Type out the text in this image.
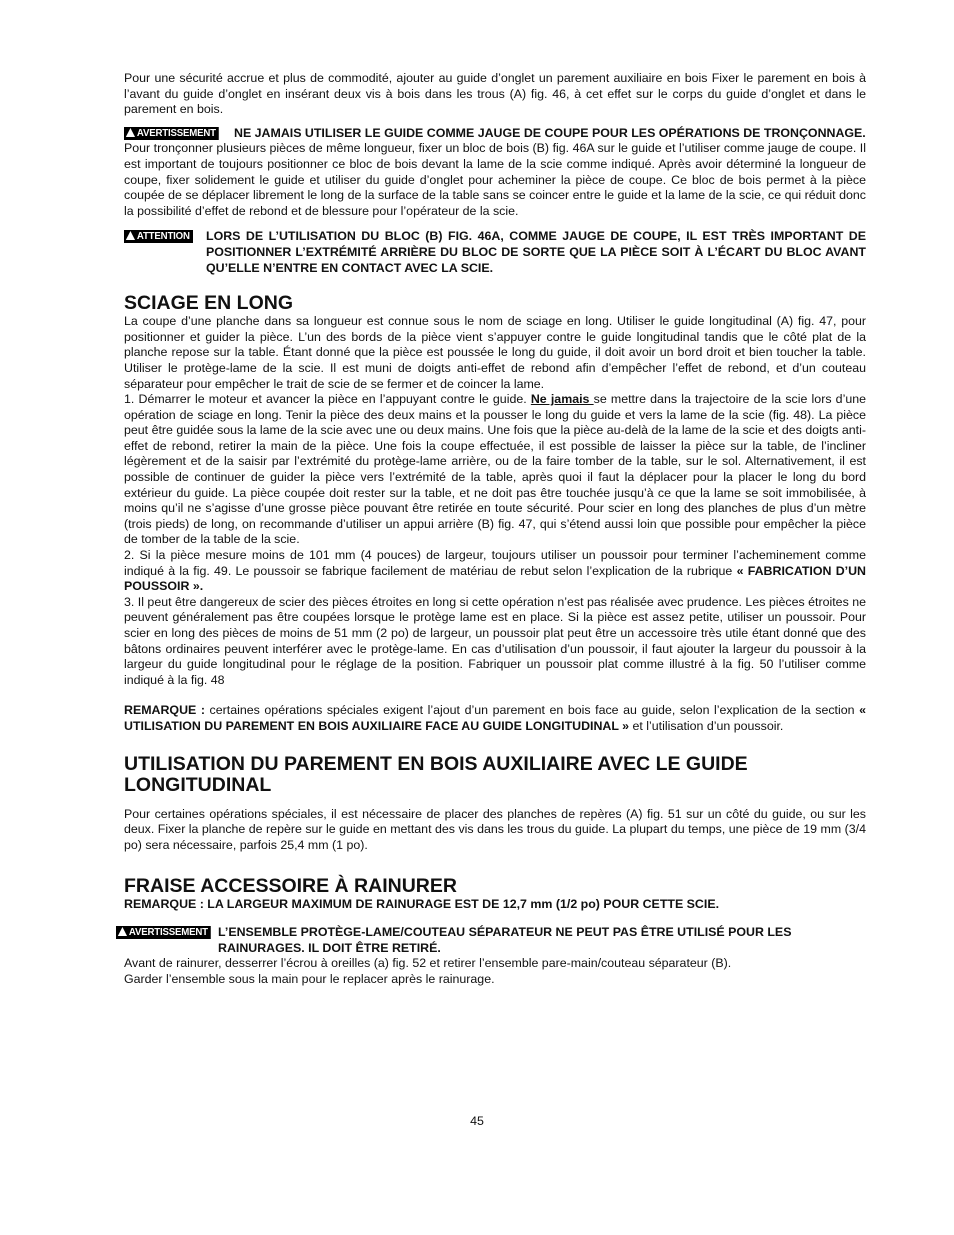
Pour une sécurité accrue et plus de commodité, ajouter au guide d’onglet un parement auxiliaire en bois Fixer le parement en bois à l’avant du guide d’onglet en insérant deux vis à bois dans les trous (A) fig. 46, à cet effet sur le corps du guide d’onglet et dans le parement en bois.

AVERTISSEMENT NE JAMAIS UTILISER LE GUIDE COMME JAUGE DE COUPE POUR LES OPÉRATIONS DE TRONÇONNAGE.

Pour tronçonner plusieurs pièces de même longueur, fixer un bloc de bois (B) fig. 46A sur le guide et l’utiliser comme jauge de coupe. Il est important de toujours positionner ce bloc de bois devant la lame de la scie comme indiqué. Après avoir déterminé la longueur de coupe, fixer solidement le guide et utiliser du guide d’onglet pour acheminer la pièce de coupe. Ce bloc de bois permet à la pièce coupée de se déplacer librement le long de la surface de la table sans se coincer entre le guide et la lame de la scie, ce qui réduit donc la possibilité d’effet de rebond et de blessure pour l’opérateur de la scie.

ATTENTION LORS DE L’UTILISATION DU BLOC (B) FIG. 46A, COMME JAUGE DE COUPE, IL EST TRÈS IMPORTANT DE POSITIONNER L’EXTRÉMITÉ ARRIÈRE DU BLOC DE SORTE QUE LA PIÈCE SOIT À L’ÉCART DU BLOC AVANT QU’ELLE N’ENTRE EN CONTACT AVEC LA SCIE.
SCIAGE EN LONG

La coupe d’une planche dans sa longueur est connue sous le nom de sciage en long. Utiliser le guide longitudinal (A) fig. 47, pour positionner et guider la pièce. L’un des bords de la pièce vient s’appuyer contre le guide longitudinal tandis que le côté plat de la planche repose sur la table. Étant donné que la pièce est poussée le long du guide, il doit avoir un bord droit et bien toucher la table. Utiliser le protège-lame de la scie. Il est muni de doigts anti-effet de rebond afin d’empêcher l’effet de rebond, et d’un couteau séparateur pour empêcher le trait de scie de se fermer et de coincer la lame.

1. Démarrer le moteur et avancer la pièce en l’appuyant contre le guide. Ne jamais se mettre dans la trajectoire de la scie lors d’une opération de sciage en long. Tenir la pièce des deux mains et la pousser le long du guide et vers la lame de la scie (fig. 48). La pièce peut être guidée sous la lame de la scie avec une ou deux mains. Une fois que la pièce au-delà de la lame de la scie et des doigts anti-effet de rebond, retirer la main de la pièce. Une fois la coupe effectuée, il est possible de laisser la pièce sur la table, de l’incliner légèrement et de la saisir par l’extrémité du protège-lame arrière, ou de la faire tomber de la table, sur le sol. Alternativement, il est possible de continuer de guider la pièce vers l’extrémité de la table, après quoi il faut la déplacer pour la placer le long du bord extérieur du guide. La pièce coupée doit rester sur la table, et ne doit pas être touchée jusqu’à ce que la lame se soit immobilisée, à moins qu’il ne s’agisse d’une grosse pièce pouvant être retirée en toute sécurité. Pour scier en long des planches de plus d’un mètre (trois pieds) de long, on recommande d’utiliser un appui arrière (B) fig. 47, qui s’étend aussi loin que possible pour empêcher la pièce de tomber de la table de la scie.

2. Si la pièce mesure moins de 101 mm (4 pouces) de largeur, toujours utiliser un poussoir pour terminer l’acheminement comme indiqué à la fig. 49. Le poussoir se fabrique facilement de matériau de rebut selon l’explication de la rubrique « FABRICATION D’UN POUSSOIR ».

3. Il peut être dangereux de scier des pièces étroites en long si cette opération n’est pas réalisée avec prudence. Les pièces étroites ne peuvent généralement pas être coupées lorsque le protège lame est en place. Si la pièce est assez petite, utiliser un poussoir. Pour scier en long des pièces de moins de 51 mm (2 po) de largeur, un poussoir plat peut être un accessoire très utile étant donné que des bâtons ordinaires peuvent interférer avec le protège-lame. En cas d’utilisation d’un poussoir, il faut ajouter la largeur du poussoir à la largeur du guide longitudinal pour le réglage de la position. Fabriquer un poussoir plat comme illustré à la fig. 50 l’utiliser comme indiqué à la fig. 48

REMARQUE : certaines opérations spéciales exigent l’ajout d’un parement en bois face au guide, selon l’explication de la section « UTILISATION DU PAREMENT EN BOIS AUXILIAIRE FACE AU GUIDE LONGITUDINAL » et l’utilisation d’un poussoir.

UTILISATION DU PAREMENT EN BOIS AUXILIAIRE AVEC LE GUIDE LONGITUDINAL

Pour certaines opérations spéciales, il est nécessaire de placer des planches de repères (A) fig. 51 sur un côté du guide, ou sur les deux. Fixer la planche de repère sur le guide en mettant des vis dans les trous du guide. La plupart du temps, une pièce de 19 mm (3/4 po) sera nécessaire, parfois 25,4 mm (1 po).

FRAISE ACCESSOIRE À RAINURER

REMARQUE : LA LARGEUR MAXIMUM DE RAINURAGE EST DE 12,7 mm (1/2 po) POUR CETTE SCIE.

AVERTISSEMENT L’ENSEMBLE PROTÈGE-LAME/COUTEAU SÉPARATEUR NE PEUT PAS ÊTRE UTILISÉ POUR LES RAINURAGES. IL DOIT ÊTRE RETIRÉ.

Avant de rainurer, desserrer l’écrou à oreilles (a) fig. 52 et retirer l’ensemble pare-main/couteau séparateur (B).

Garder l’ensemble sous la main pour le replacer après le rainurage.

45
